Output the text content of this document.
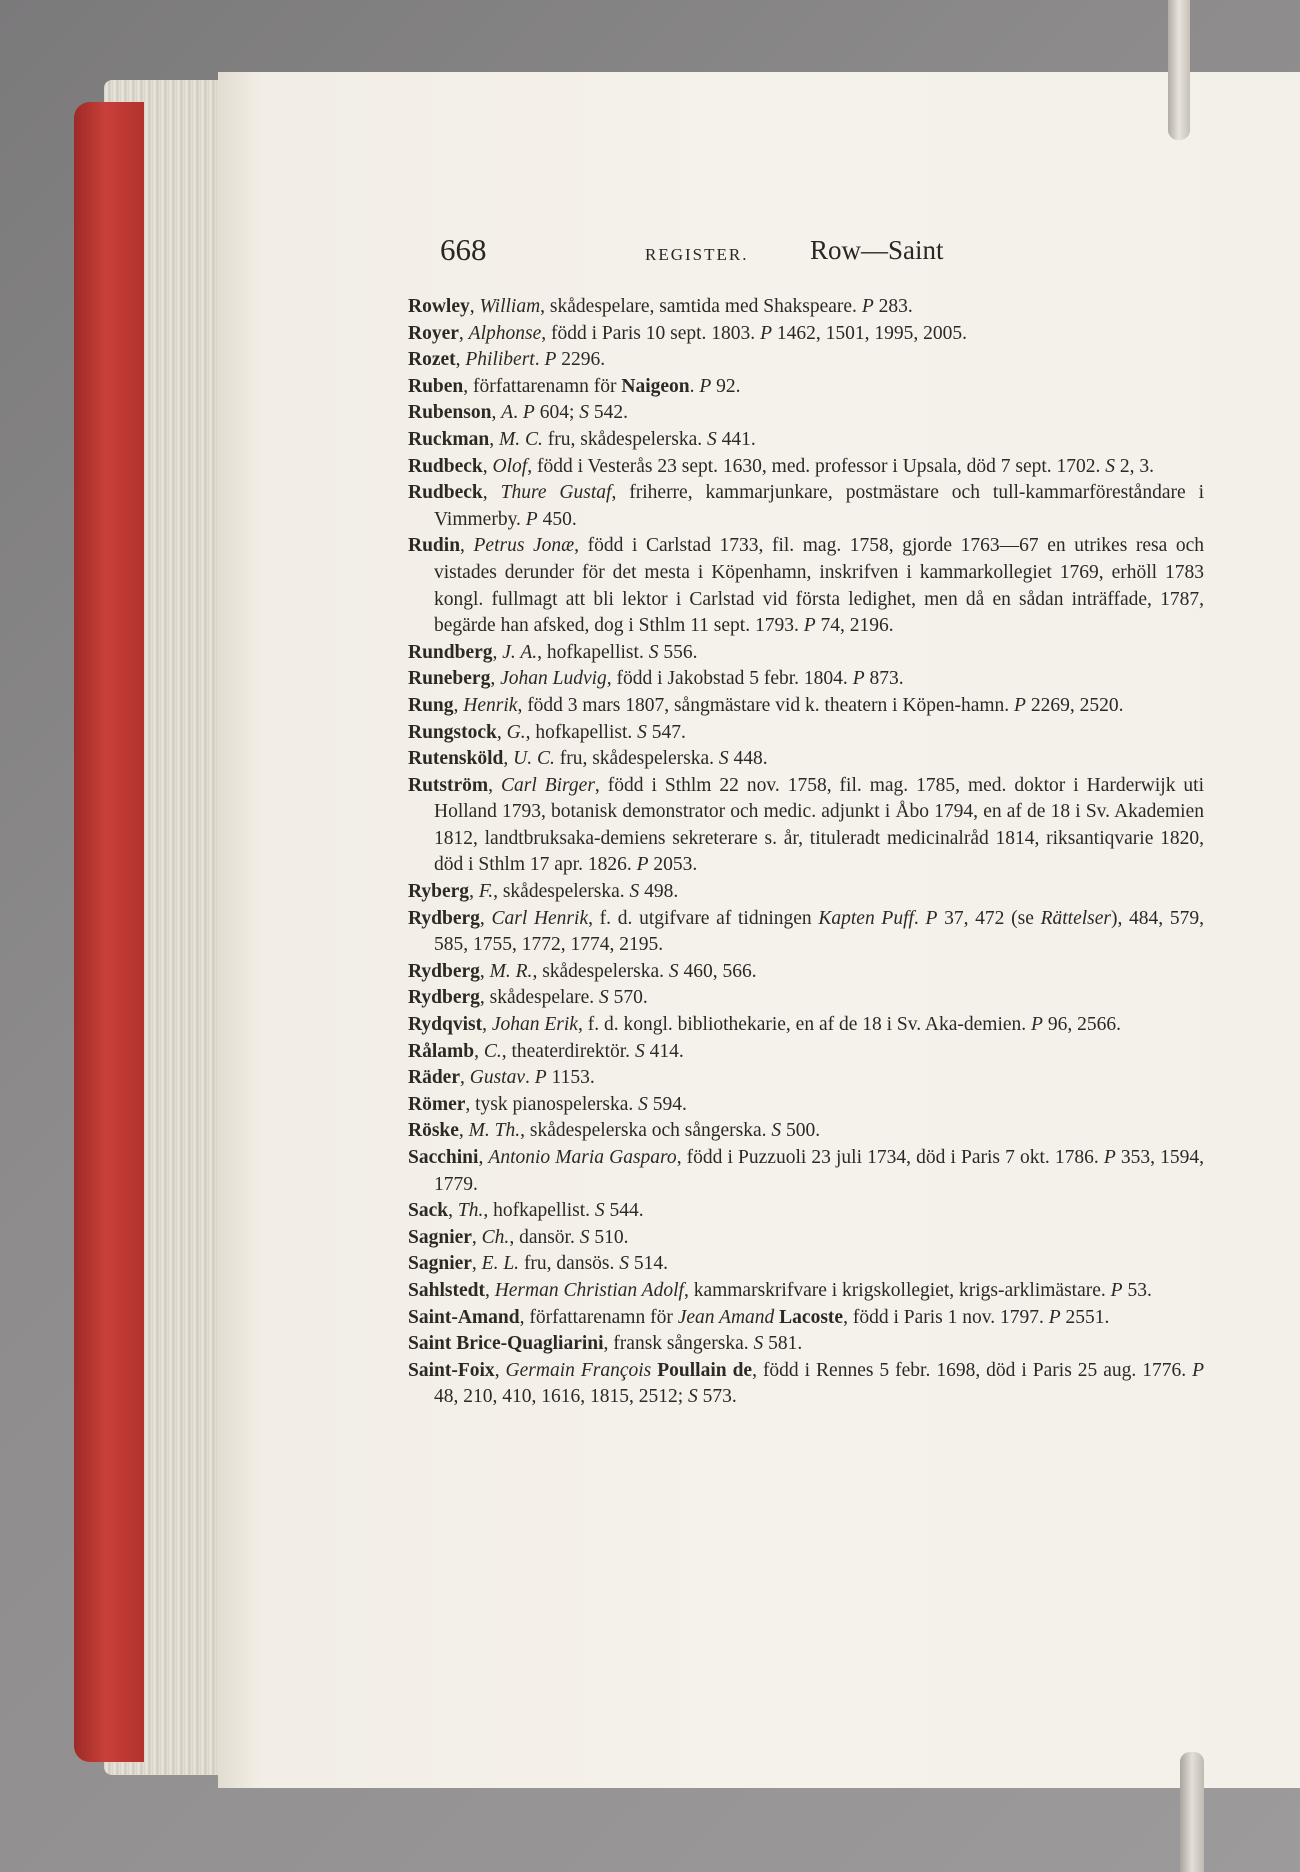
668	REGISTER. Row—Saint

Rowley, William, skådespelare, samtida med Shakspeare. P 283.

Royer, Alphonse, född i Paris 10 sept. 1803. P 1462, 1501, 1995, 2005.

Rozet, Philibert. P 2296.

Ruben, författarenamn för Naigeon. P 92.

Rubenson, A. P 604; S 542.

Ruckman, M. C. fru, skådespelerska. S 441.

Rudbeck, Olof, född i Vesterås 23 sept. 1630, med. professor i Upsala, död 7 sept. 1702. S 2, 3.

Rudbeck, Thure Gustaf, friherre, kammarjunkare, postmästare och tull-kammarföreståndare i Vimmerby. P 450.

Rudin, Petrus Jonæ, född i Carlstad 1733, fil. mag. 1758, gjorde 1763—67 en utrikes resa och vistades derunder för det mesta i Köpenhamn, inskrifven i kammarkollegiet 1769, erhöll 1783 kongl. fullmagt att bli lektor i Carlstad vid första ledighet, men då en sådan inträffade, 1787, begärde han afsked, dog i Sthlm 11 sept. 1793. P 74, 2196.

Rundberg, J. A., hofkapellist. S 556.

Runeberg, Johan Ludvig, född i Jakobstad 5 febr. 1804. P 873.

Rung, Henrik, född 3 mars 1807, sångmästare vid k. theatern i Köpen-hamn. P 2269, 2520.

Rungstock, G., hofkapellist. S 547.

Rutensköld, U. C. fru, skådespelerska. S 448.

Rutström, Carl Birger, född i Sthlm 22 nov. 1758, fil. mag. 1785, med. doktor i Harderwijk uti Holland 1793, botanisk demonstrator och medic. adjunkt i Åbo 1794, en af de 18 i Sv. Akademien 1812, landtbruksaka-demiens sekreterare s. år, tituleradt medicinalråd 1814, riksantiqvarie 1820, död i Sthlm 17 apr. 1826. P 2053.

Ryberg, F., skådespelerska. S 498.

Rydberg, Carl Henrik, f. d. utgifvare af tidningen Kapten Puff. P 37, 472 (se Rättelser), 484, 579, 585, 1755, 1772, 1774, 2195.

Rydberg, M. R., skådespelerska. S 460, 566.

Rydberg, skådespelare. S 570.

Rydqvist, Johan Erik, f. d. kongl. bibliothekarie, en af de 18 i Sv. Aka-demien. P 96, 2566.

Rålamb, C., theaterdirektör. S 414.

Räder, Gustav. P 1153.

Römer, tysk pianospelerska. S 594.

Röske, M. Th., skådespelerska och sångerska. S 500.

Sacchini, Antonio Maria Gasparo, född i Puzzuoli 23 juli 1734, död i Paris 7 okt. 1786. P 353, 1594, 1779.

Sack, Th., hofkapellist. S 544.

Sagnier, Ch., dansör. S 510.

Sagnier, E. L. fru, dansös. S 514.

Sahlstedt, Herman Christian Adolf, kammarskrifvare i krigskollegiet, krigs-arklimästare. P 53.

Saint-Amand, författarenamn för Jean Amand Lacoste, född i Paris 1 nov. 1797. P 2551.

Saint Brice-Quagliarini, fransk sångerska. S 581.

Saint-Foix, Germain François Poullain de, född i Rennes 5 febr. 1698, död i Paris 25 aug. 1776. P 48, 210, 410, 1616, 1815, 2512; S 573.
